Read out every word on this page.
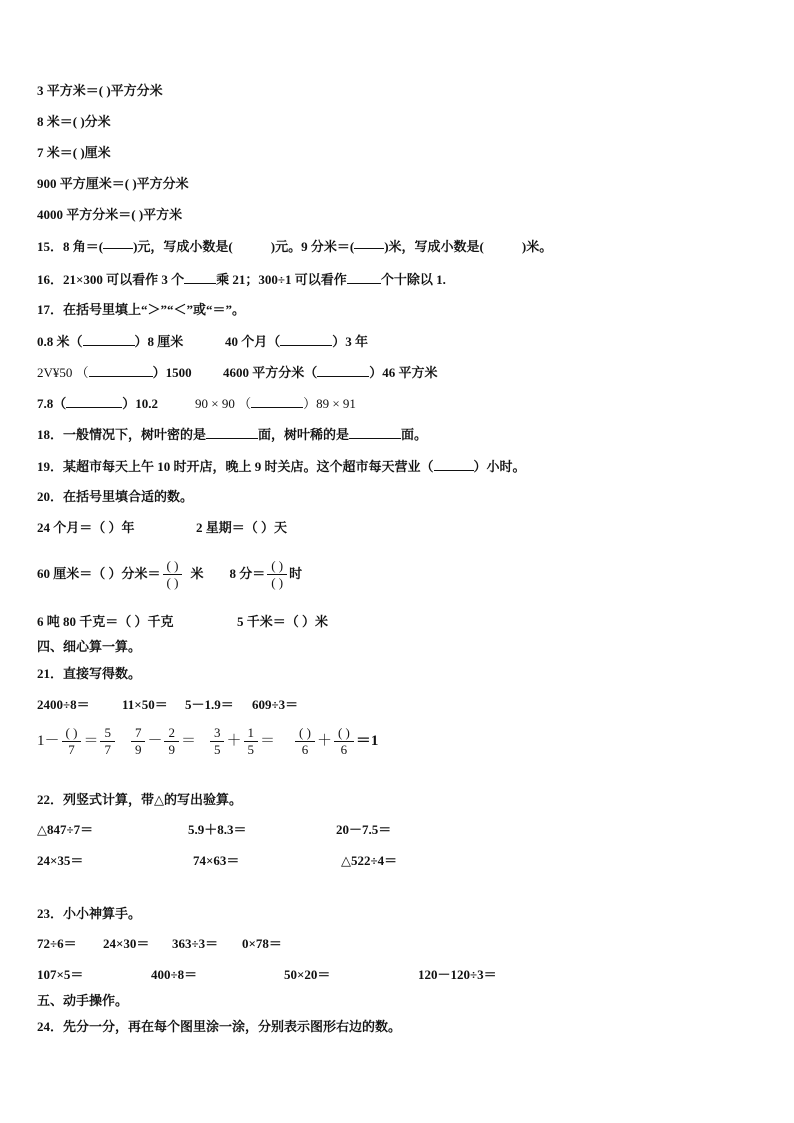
3 平方米＝( )平方分米
8 米＝( )分米
7 米＝( )厘米
900 平方厘米＝( )平方分米
4000 平方分米＝( )平方米
15．8 角＝( )元，写成小数是(	)元。9 分米＝( )米，写成小数是(	)米。
16．21×300 可以看作 3 个 乘 21；300÷1 可以看作	个十除以 1.
17．在括号里填上“＞”“＜”或“＝”。
0.8 米（	）8 厘米	40 个月（	）3 年
2V¥50 （	）1500 4600 平方分米（	）46 平方米
7.8（	）10.2	90 × 90 （	）89 × 91
18．一般情况下，树叶密的是	面，树叶稀的是	面。
19．某超市每天上午 10 时开店，晚上 9 时关店。这个超市每天营业（	）小时。
20．在括号里填合适的数。
24 个月＝（ ）年	2 星期＝（ ）天
60 厘米＝（ ）分米＝ $\frac{( )}{( )}$ 米 8 分＝ $\frac{( )}{( )}$ 时
6 吨 80 千克＝（ ）千克	5 千米＝（ ）米
四、细心算一算。
21．直接写得数。
2400÷8＝ 11×50＝ 5－1.9＝ 609÷3＝
$1- \frac{( )}{7} = \frac{5}{7} \frac{7}{9} - \frac{2}{9} = \frac{3}{5} + \frac{1}{5} = \frac{( )}{6} + \frac{( )}{6} =1$
22．列竖式计算，带△的写出验算。
△847÷7＝	5.9＋8.3＝	20－7.5＝
24×35＝	74×63＝	△522÷4＝
23．小小神算手。
72÷6＝ 24×30＝ 363÷3＝ 0×78＝
107×5＝	400÷8＝	50×20＝	120－120÷3＝
五、动手操作。
24．先分一分，再在每个图里涂一涂，分别表示图形右边的数。
